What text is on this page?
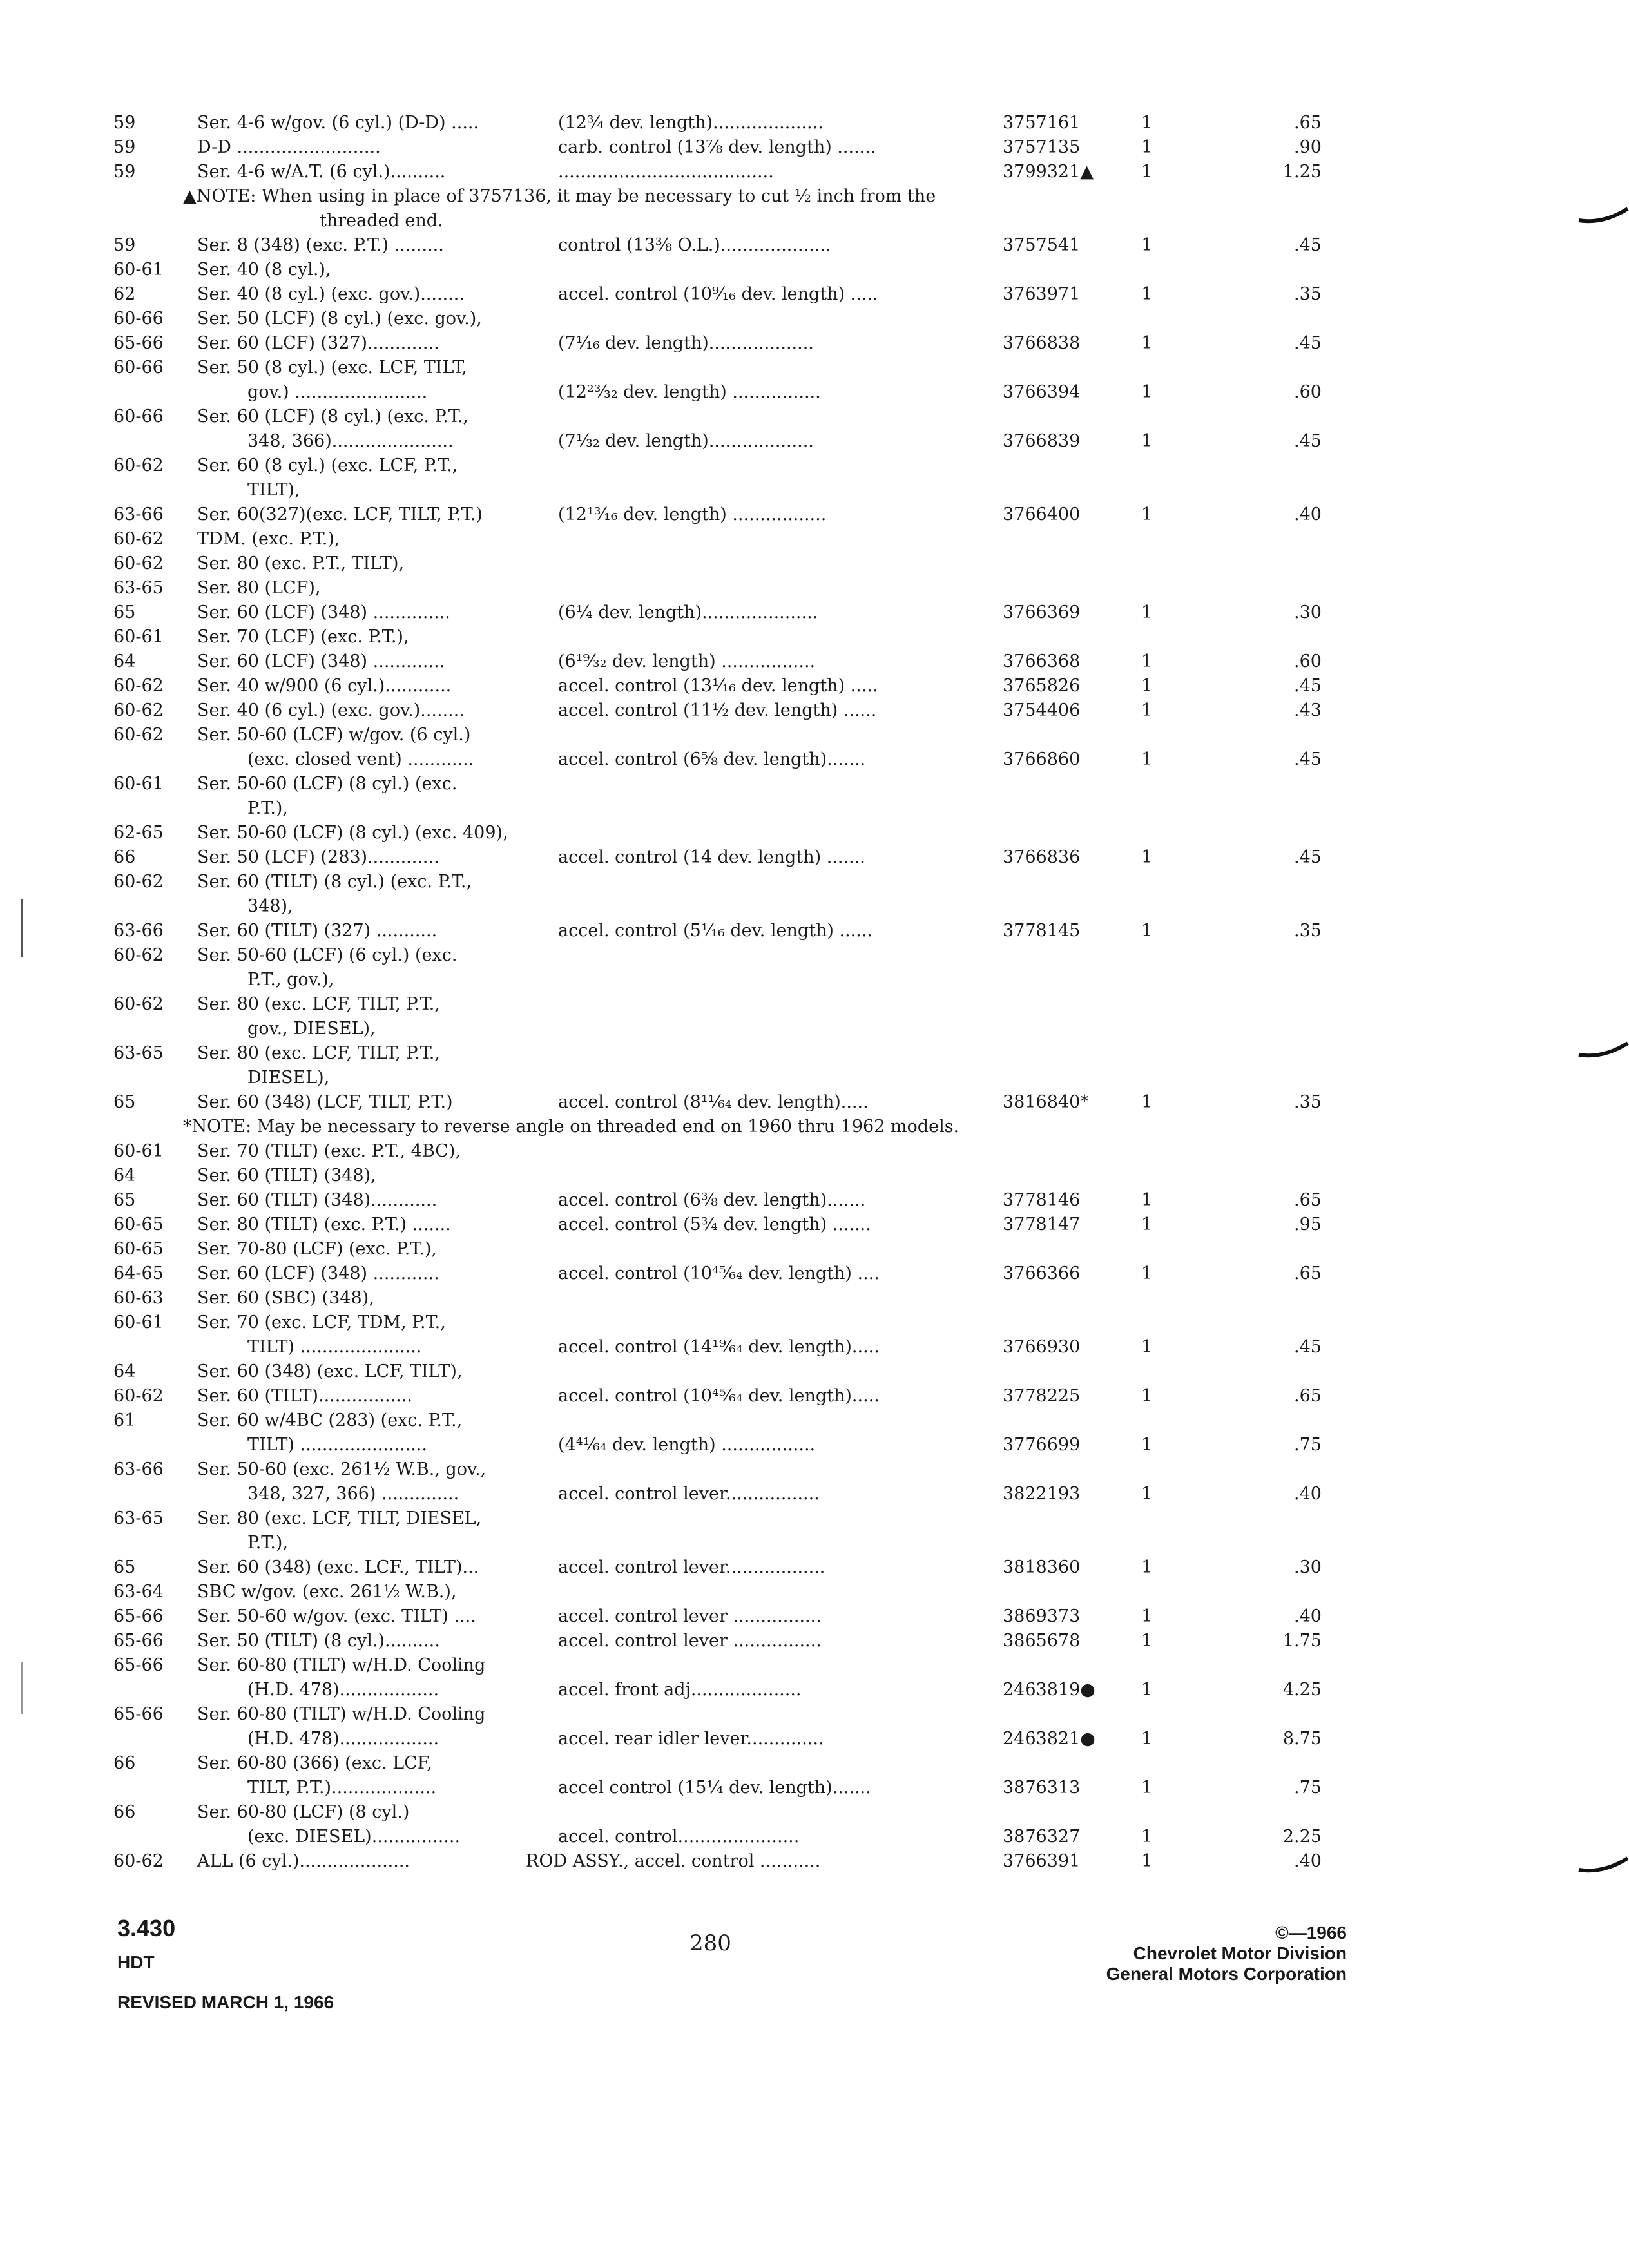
59	Ser. 4-6 w/gov. (6 cyl.) (D-D) .....	(12¾ dev. length)....................	3757161	1	.65
59	D-D ..........................	carb. control (13⅞ dev. length) .......	3757135	1	.90
59	Ser. 4-6 w/A.T. (6 cyl.)..........	.......................................	3799321▲	1	1.25
▲NOTE: When using in place of 3757136, it may be necessary to cut ½ inch from the
threaded end.
59	Ser. 8 (348) (exc. P.T.) .........	control (13⅜ O.L.)....................	3757541	1	.45
60-61 Ser. 40 (8 cyl.),
62	Ser. 40 (8 cyl.) (exc. gov.)........	accel. control (10⁹⁄₁₆ dev. length) .....	3763971	1	.35
60-66 Ser. 50 (LCF) (8 cyl.) (exc. gov.),
65-66 Ser. 60 (LCF) (327).............	(7¹⁄₁₆ dev. length)...................	3766838	1	.45
60-66 Ser. 50 (8 cyl.) (exc. LCF, TILT,
gov.) ........................	(12²³⁄₃₂ dev. length) ................	3766394	1	.60
60-66 Ser. 60 (LCF) (8 cyl.) (exc. P.T.,
348, 366)......................	(7⅓₂ dev. length)...................	3766839	1	.45
60-62 Ser. 60 (8 cyl.) (exc. LCF, P.T.,
TILT),
63-66 Ser. 60(327)(exc. LCF, TILT, P.T.)	(12¹³⁄₁₆ dev. length) .................	3766400	1	.40
60-62 TDM. (exc. P.T.),
60-62 Ser. 80 (exc. P.T., TILT),
63-65 Ser. 80 (LCF),
65	Ser. 60 (LCF) (348) ..............	(6¼ dev. length).....................	3766369	1	.30
60-61 Ser. 70 (LCF) (exc. P.T.),
64	Ser. 60 (LCF) (348) .............	(6¹⁹⁄₃₂ dev. length) .................	3766368	1	.60
60-62 Ser. 40 w/900 (6 cyl.)............	accel. control (13¹⁄₁₆ dev. length) .....	3765826	1	.45
60-62 Ser. 40 (6 cyl.) (exc. gov.)........	accel. control (11½ dev. length) ......	3754406	1	.43
60-62 Ser. 50-60 (LCF) w/gov. (6 cyl.)
(exc. closed vent) ............	accel. control (6⅝ dev. length).......	3766860	1	.45
60-61 Ser. 50-60 (LCF) (8 cyl.) (exc.
P.T.),
62-65 Ser. 50-60 (LCF) (8 cyl.) (exc. 409),
66	Ser. 50 (LCF) (283).............	accel. control (14 dev. length) .......	3766836	1	.45
60-62 Ser. 60 (TILT) (8 cyl.) (exc. P.T.,
348),
63-66 Ser. 60 (TILT) (327) ...........	accel. control (5¹⁄₁₆ dev. length) ......	3778145	1	.35
60-62 Ser. 50-60 (LCF) (6 cyl.) (exc.
P.T., gov.),
60-62 Ser. 80 (exc. LCF, TILT, P.T.,
gov., DIESEL),
63-65 Ser. 80 (exc. LCF, TILT, P.T.,
DIESEL),
65	Ser. 60 (348) (LCF, TILT, P.T.)	accel. control (8¹¹⁄₆₄ dev. length).....	3816840*	1	.35
*NOTE: May be necessary to reverse angle on threaded end on 1960 thru 1962 models.
60-61 Ser. 70 (TILT) (exc. P.T., 4BC),
64	Ser. 60 (TILT) (348),
65	Ser. 60 (TILT) (348)............	accel. control (6⅜ dev. length).......	3778146	1	.65
60-65 Ser. 80 (TILT) (exc. P.T.) .......	accel. control (5¾ dev. length) .......	3778147	1	.95
60-65 Ser. 70-80 (LCF) (exc. P.T.),
64-65 Ser. 60 (LCF) (348) ............	accel. control (10⁴⁵⁄₆₄ dev. length) ....	3766366	1	.65
60-63 Ser. 60 (SBC) (348),
60-61 Ser. 70 (exc. LCF, TDM, P.T.,
TILT) ......................	accel. control (14¹⁹⁄₆₄ dev. length).....	3766930	1	.45
64	Ser. 60 (348) (exc. LCF, TILT),
60-62 Ser. 60 (TILT).................	accel. control (10⁴⁵⁄₆₄ dev. length).....	3778225	1	.65
61	Ser. 60 w/4BC (283) (exc. P.T.,
TILT) .......................	(4⁴¹⁄₆₄ dev. length) .................	3776699	1	.75
63-66 Ser. 50-60 (exc. 261½ W.B., gov.,
348, 327, 366) ..............	accel. control lever.................	3822193	1	.40
63-65 Ser. 80 (exc. LCF, TILT, DIESEL,
P.T.),
65	Ser. 60 (348) (exc. LCF., TILT)...	accel. control lever..................	3818360	1	.30
63-64 SBC w/gov. (exc. 261½ W.B.),
65-66 Ser. 50-60 w/gov. (exc. TILT) ....	accel. control lever ................	3869373	1	.40
65-66 Ser. 50 (TILT) (8 cyl.)..........	accel. control lever ................	3865678	1	1.75
65-66 Ser. 60-80 (TILT) w/H.D. Cooling
(H.D. 478)..................	accel. front adj....................	2463819●	1	4.25
65-66 Ser. 60-80 (TILT) w/H.D. Cooling
(H.D. 478)..................	accel. rear idler lever..............	2463821●	1	8.75
66	Ser. 60-80 (366) (exc. LCF,
TILT, P.T.)...................	accel control (15¼ dev. length).......	3876313	1	.75
66	Ser. 60-80 (LCF) (8 cyl.)
(exc. DIESEL)................	accel. control......................	3876327	1	2.25
60-62 ALL (6 cyl.)....................	ROD ASSY., accel. control ...........	3766391	1	.40
3.430
HDT
REVISED MARCH 1, 1966
280	©—1966
Chevrolet Motor Division
General Motors Corporation
